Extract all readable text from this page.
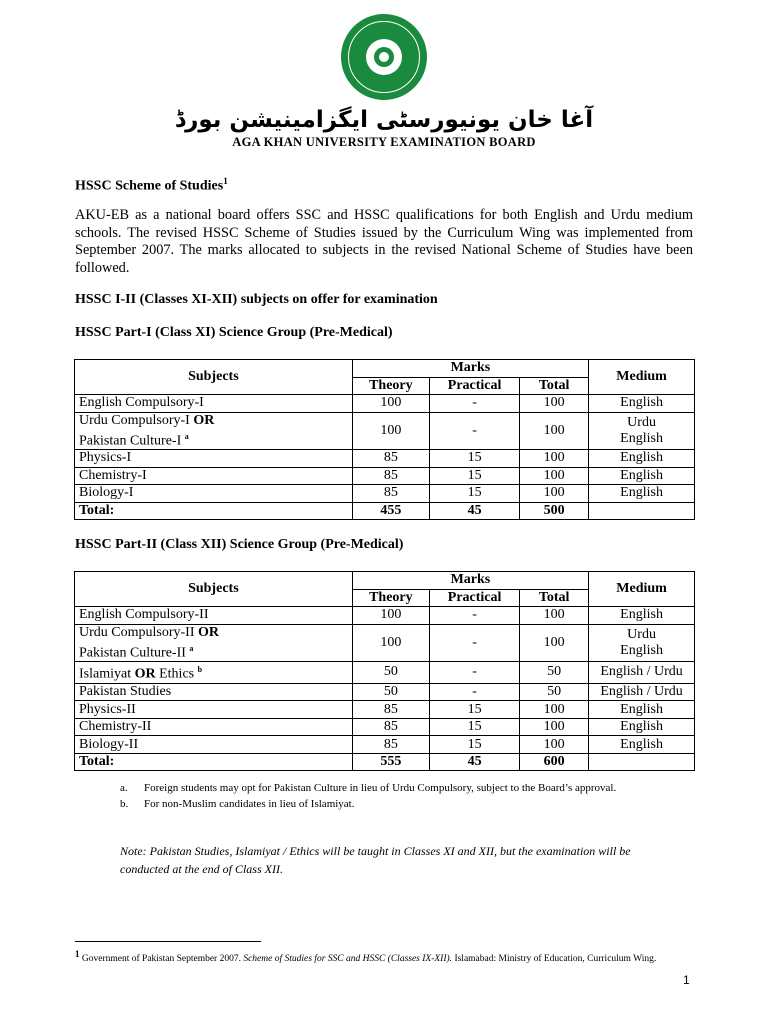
آغا خان یونیورسٹی ایگزامینیشن بورڈ
AGA KHAN UNIVERSITY EXAMINATION BOARD
HSSC Scheme of Studies$^1$
AKU-EB as a national board offers SSC and HSSC qualifications for both English and Urdu medium schools. The revised HSSC Scheme of Studies issued by the Curriculum Wing was implemented from September 2007. The marks allocated to subjects in the revised National Scheme of Studies have been followed.
HSSC I-II (Classes XI-XII) subjects on offer for examination
HSSC Part-I (Class XI) Science Group (Pre-Medical)
Subjects	Marks			Medium
	Theory	Practical	Total	
English Compulsory-I	100	-	100	English
Urdu Compulsory-I OR
Pakistan Culture-I $^a$	100	-	100	Urdu
English
Physics-I	85	15	100	English
Chemistry-I	85	15	100	English
Biology-I	85	15	100	English
Total:	455	45	500	
HSSC Part-II (Class XII) Science Group (Pre-Medical)
Subjects	Marks			Medium
	Theory	Practical	Total	
English Compulsory-II	100	-	100	English
Urdu Compulsory-II OR
Pakistan Culture-II $^a$	100	-	100	Urdu
English
Islamiyat OR Ethics $^b$	50	-	50	English / Urdu
Pakistan Studies	50	-	50	English / Urdu
Physics-II	85	15	100	English
Chemistry-II	85	15	100	English
Biology-II	85	15	100	English
Total:	555	45	600	
a.	Foreign students may opt for Pakistan Culture in lieu of Urdu Compulsory, subject to the Board’s approval.
b.	For non-Muslim candidates in lieu of Islamiyat.
Note: Pakistan Studies, Islamiyat / Ethics will be taught in Classes XI and XII, but the examination will be conducted at the end of Class XII.
$^1$ Government of Pakistan September 2007. Scheme of Studies for SSC and HSSC (Classes IX-XII). Islamabad: Ministry of Education, Curriculum Wing.
1
